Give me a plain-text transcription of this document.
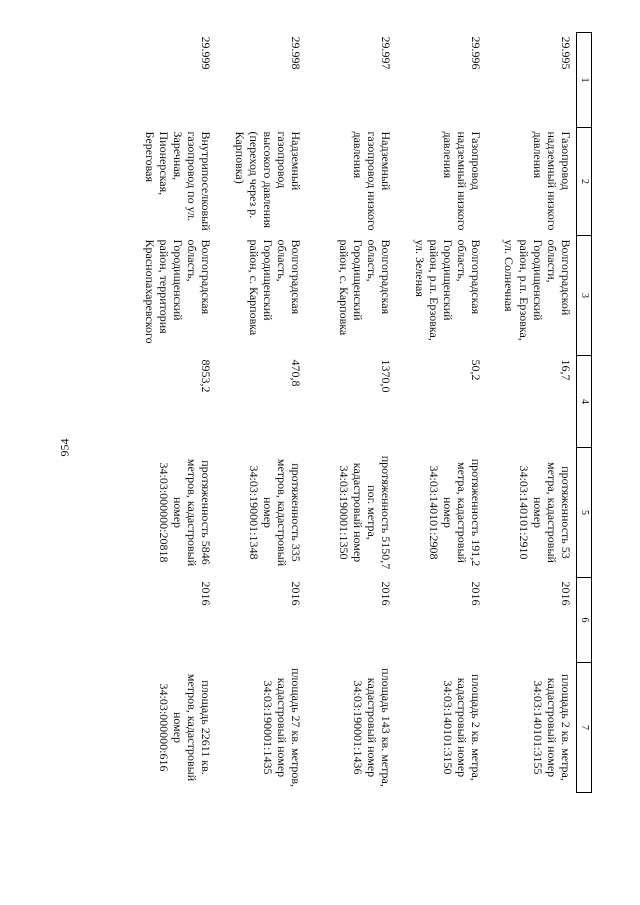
954
1	2	3	4	5	6	7
29.995	Газопровод надземный низкого давления	Волгоградской области, Городищенский район, р.п. Ерзовка, ул. Солнечная	16,7	протяженность 53 метра, кадастровый номер 34:03:140101:2910	2016	площадь 2 кв. метра, кадастровый номер 34:03:140101:3155
29.996	Газопровод надземный низкого давления	Волгоградская область, Городищенский район, р.п. Ерзовка, ул. Зеленая	50,2	протяженность 191,2 метра, кадастровый номер 34:03:140101:2908	2016	площадь 2 кв. метра, кадастровый номер 34:03:140101:3150
29.997	Надземный газопровод низкого давления	Волгоградская область, Городищенский район, с. Карповка	1370,0	протяженность 5150,7 пог. метра, кадастровый номер 34:03:190001:1350	2016	площадь 143 кв. метра, кадастровый номер 34:03:190001:1436
29.998	Надземный газопровод высокого давления (переход через р. Карповка)	Волгоградская область, Городищенский район, с. Карповка	470,8	протяженность 335 метров, кадастровый номер 34:03:190001:1348	2016	площадь 27 кв. метров, кадастровый номер 34:03:190001:1435
29.999	Внутрипоселковый газопровод по ул. Заречная, Пионерская, Береговая	Волгоградская область, Городищенский район, территория Краснопахаревского	8953,2	протяженность 5846 метров, кадастровый номер 34:03:000000:20818	2016	площадь 22611 кв. метров, кадастровый номер 34:03:000000:616
